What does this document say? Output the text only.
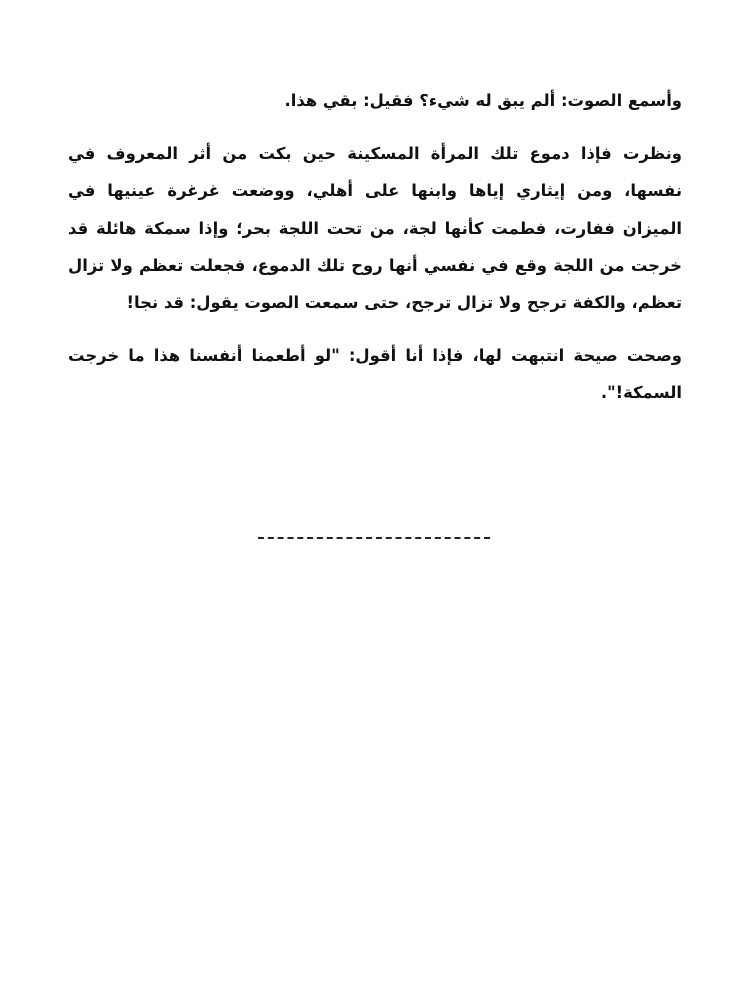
وأسمع الصوت: ألم يبق له شيء؟ فقيل: بقي هذا.

ونظرت فإذا دموع تلك المرأة المسكينة حين بكت من أثر المعروف في نفسها، ومن إيثاري إياها وابنها على أهلي، ووضعت غرغرة عينيها في الميزان ففارت، فطمت كأنها لجة، من تحت اللجة بحر؛ وإذا سمكة هائلة قد خرجت من اللجة وقع في نفسي أنها روح تلك الدموع، فجعلت تعظم ولا تزال تعظم، والكفة ترجح ولا تزال ترجح، حتى سمعت الصوت يقول: قد نجا!

وصحت صيحة انتبهت لها، فإذا أنا أقول: "لو أطعمنا أنفسنا هذا ما خرجت السمكة!".
